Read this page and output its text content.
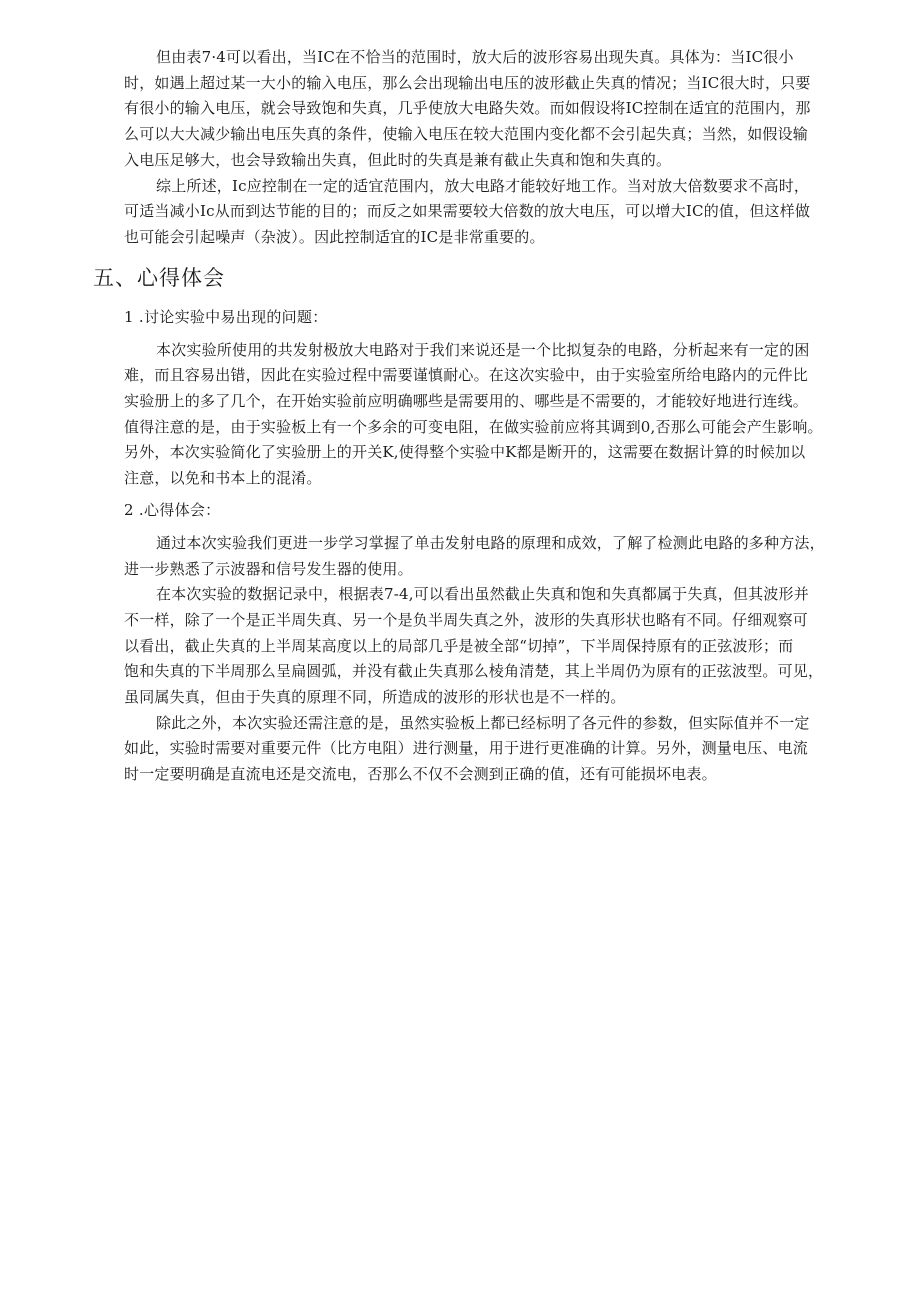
但由表7·4可以看出，当IC在不恰当的范围时，放大后的波形容易出现失真。具体为：当IC很小
时，如遇上超过某一大小的输入电压，那么会出现输出电压的波形截止失真的情况；当IC很大时，只要
有很小的输入电压，就会导致饱和失真，几乎使放大电路失效。而如假设将IC控制在适宜的范围内，那
么可以大大减少输出电压失真的条件，使输入电压在较大范围内变化都不会引起失真；当然，如假设输
入电压足够大，也会导致输出失真，但此时的失真是兼有截止失真和饱和失真的。

综上所述，Ic应控制在一定的适宜范围内，放大电路才能较好地工作。当对放大倍数要求不高时，
可适当减小Ic从而到达节能的目的；而反之如果需要较大倍数的放大电压，可以增大IC的值，但这样做
也可能会引起噪声（杂波）。因此控制适宜的IC是非常重要的。

五、心得体会

1 .讨论实验中易出现的问题：

本次实验所使用的共发射极放大电路对于我们来说还是一个比拟复杂的电路，分析起来有一定的困
难，而且容易出错，因此在实验过程中需要谨慎耐心。在这次实验中，由于实验室所给电路内的元件比
实验册上的多了几个，在开始实验前应明确哪些是需要用的、哪些是不需要的，才能较好地进行连线。
值得注意的是，由于实验板上有一个多余的可变电阻，在做实验前应将其调到0,否那么可能会产生影响。
另外，本次实验简化了实验册上的开关K,使得整个实验中K都是断开的，这需要在数据计算的时候加以
注意，以免和书本上的混淆。

2 .心得体会：

通过本次实验我们更进一步学习掌握了单击发射电路的原理和成效，了解了检测此电路的多种方法，
进一步熟悉了示波器和信号发生器的使用。

在本次实验的数据记录中，根据表7-4,可以看出虽然截止失真和饱和失真都属于失真，但其波形并
不一样，除了一个是正半周失真、另一个是负半周失真之外，波形的失真形状也略有不同。仔细观察可
以看出，截止失真的上半周某高度以上的局部几乎是被全部“切掉”，下半周保持原有的正弦波形；而
饱和失真的下半周那么呈扁圆弧，并没有截止失真那么棱角清楚，其上半周仍为原有的正弦波型。可见，
虽同属失真，但由于失真的原理不同，所造成的波形的形状也是不一样的。

除此之外，本次实验还需注意的是，虽然实验板上都已经标明了各元件的参数，但实际值并不一定
如此，实验时需要对重要元件（比方电阻）进行测量，用于进行更准确的计算。另外，测量电压、电流
时一定要明确是直流电还是交流电，否那么不仅不会测到正确的值，还有可能损坏电表。
